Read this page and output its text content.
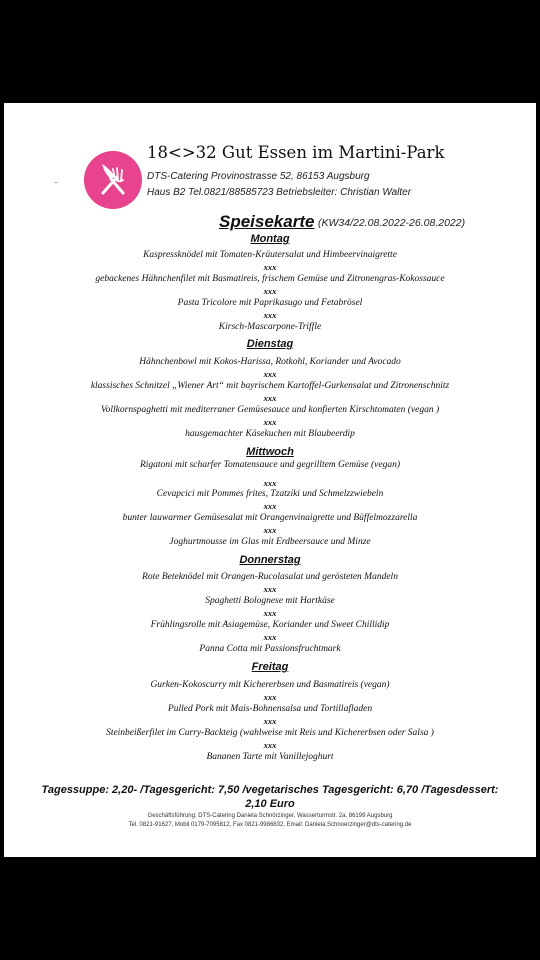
18<>32 Gut Essen im Martini-Park
DTS-Catering Provinostrasse 52, 86153 Augsburg
Haus B2 Tel.0821/88585723 Betriebsleiter: Christian Walter
–
Speisekarte (KW34/22.08.2022-26.08.2022)
Montag
Kaspressknödel mit Tomaten-Kräutersalat und Himbeervinaigrette
xxx
gebackenes Hähnchenfilet mit Basmatireis, frischem Gemüse und Zitronengras-Kokossauce
xxx
Pasta Tricolore mit Paprikasugo und Fetabrösel
xxx
Kirsch-Mascarpone-Triffle
Dienstag
Hähnchenbowl mit Kokos-Harissa, Rotkohl, Koriander und Avocado
xxx
klassisches Schnitzel „Wiener Art“ mit bayrischem Kartoffel-Gurkensalat und Zitronenschnitz
xxx
Vollkornspaghetti mit mediterraner Gemüsesauce und konfierten Kirschtomaten (vegan )
xxx
hausgemachter Käsekuchen mit Blaubeerdip
Mittwoch
Rigatoni mit scharfer Tomatensauce und gegrilltem Gemüse (vegan)
xxx
Cevapcici mit Pommes frites, Tzatziki und Schmelzzwiebeln
xxx
bunter lauwarmer Gemüsesalat mit Orangenvinaigrette und Büffelmozzarella
xxx
Joghurtmousse im Glas mit Erdbeersauce und Minze
Donnerstag
Rote Beteknödel mit Orangen-Rucolasalat und gerösteten Mandeln
xxx
Spaghetti Bolognese mit Hartkäse
xxx
Frühlingsrolle mit Asiagemüse, Koriander und Sweet Chillidip
xxx
Panna Cotta mit Passionsfruchtmark
Freitag
Gurken-Kokoscurry mit Kichererbsen und Basmatireis (vegan)
xxx
Pulled Pork mit Mais-Bohnensalsa und Tortillafladen
xxx
Steinbeißerfilet im Curry-Backteig (wahlweise mit Reis und Kichererbsen oder Salsa )
xxx
Bananen Tarte mit Vanillejoghurt
Tagessuppe: 2,20- /Tagesgericht: 7,50 /vegetarisches Tagesgericht: 6,70 /Tagesdessert:
2,10 Euro
Geschäftsführung: DTS-Catering Daniela Schnörzinger, Wasserturmstr. 2a, 86199 Augsburg
Tel. 0821-91627, Mobil 0179-7095812, Fax 0821-9986832, Email: Daniela.Schnoerzinger@dts-catering.de
